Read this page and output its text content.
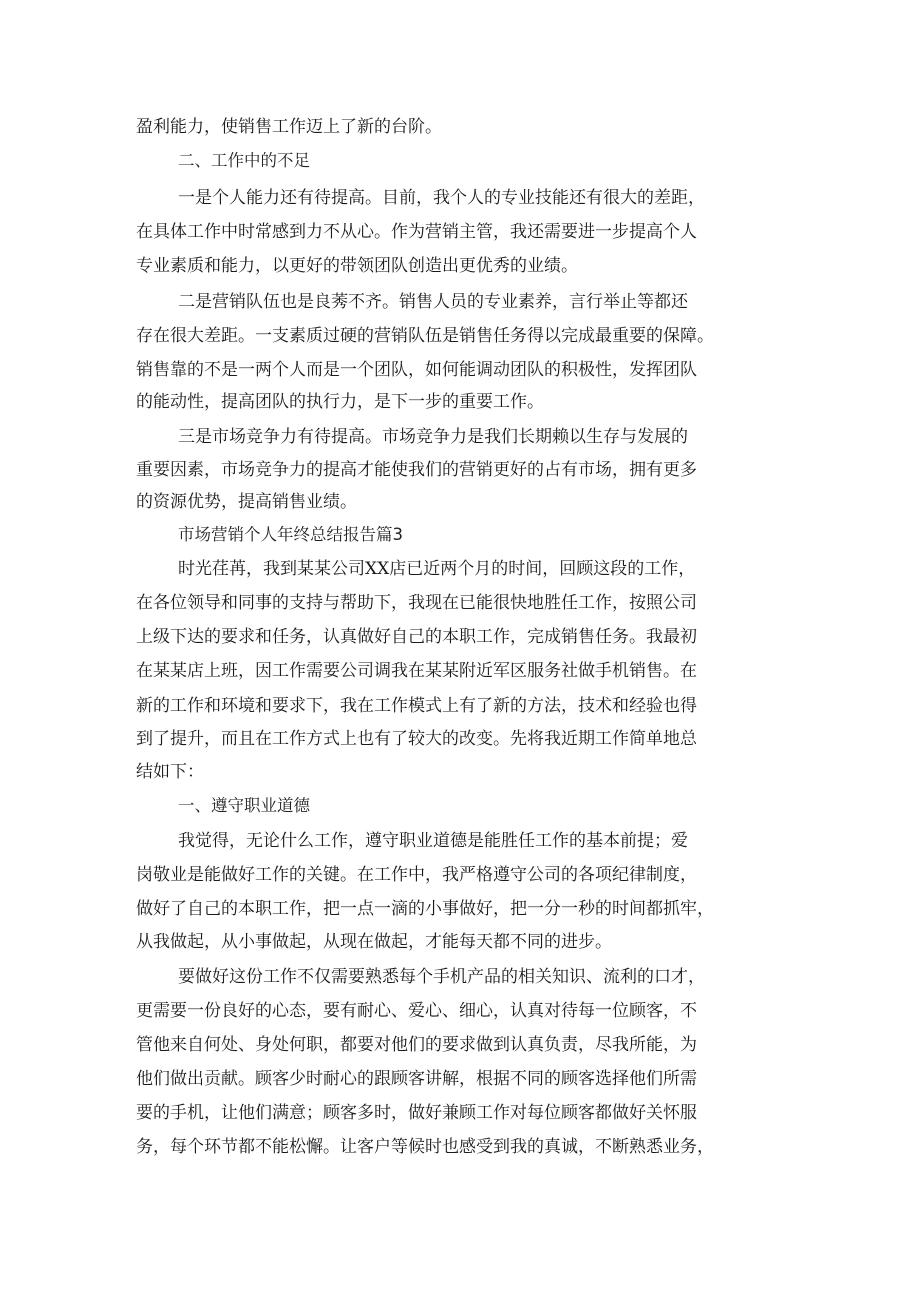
盈利能力，使销售工作迈上了新的台阶。
二、工作中的不足
一是个人能力还有待提高。目前，我个人的专业技能还有很大的差距，
在具体工作中时常感到力不从心。作为营销主管，我还需要进一步提高个人
专业素质和能力，以更好的带领团队创造出更优秀的业绩。
二是营销队伍也是良莠不齐。销售人员的专业素养，言行举止等都还
存在很大差距。一支素质过硬的营销队伍是销售任务得以完成最重要的保障。
销售靠的不是一两个人而是一个团队，如何能调动团队的积极性，发挥团队
的能动性，提高团队的执行力，是下一步的重要工作。
三是市场竞争力有待提高。市场竞争力是我们长期赖以生存与发展的
重要因素，市场竞争力的提高才能使我们的营销更好的占有市场，拥有更多
的资源优势，提高销售业绩。
市场营销个人年终总结报告篇3
时光荏苒，我到某某公司XX店已近两个月的时间，回顾这段的工作，
在各位领导和同事的支持与帮助下，我现在已能很快地胜任工作，按照公司
上级下达的要求和任务，认真做好自己的本职工作，完成销售任务。我最初
在某某店上班，因工作需要公司调我在某某附近军区服务社做手机销售。在
新的工作和环境和要求下，我在工作模式上有了新的方法，技术和经验也得
到了提升，而且在工作方式上也有了较大的改变。先将我近期工作简单地总
结如下：
一、遵守职业道德
我觉得，无论什么工作，遵守职业道德是能胜任工作的基本前提；爱
岗敬业是能做好工作的关键。在工作中，我严格遵守公司的各项纪律制度，
做好了自己的本职工作，把一点一滴的小事做好，把一分一秒的时间都抓牢，
从我做起，从小事做起，从现在做起，才能每天都不同的进步。
要做好这份工作不仅需要熟悉每个手机产品的相关知识、流利的口才，
更需要一份良好的心态，要有耐心、爱心、细心，认真对待每一位顾客，不
管他来自何处、身处何职，都要对他们的要求做到认真负责，尽我所能，为
他们做出贡献。顾客少时耐心的跟顾客讲解，根据不同的顾客选择他们所需
要的手机，让他们满意；顾客多时，做好兼顾工作对每位顾客都做好关怀服
务，每个环节都不能松懈。让客户等候时也感受到我的真诚，不断熟悉业务，
